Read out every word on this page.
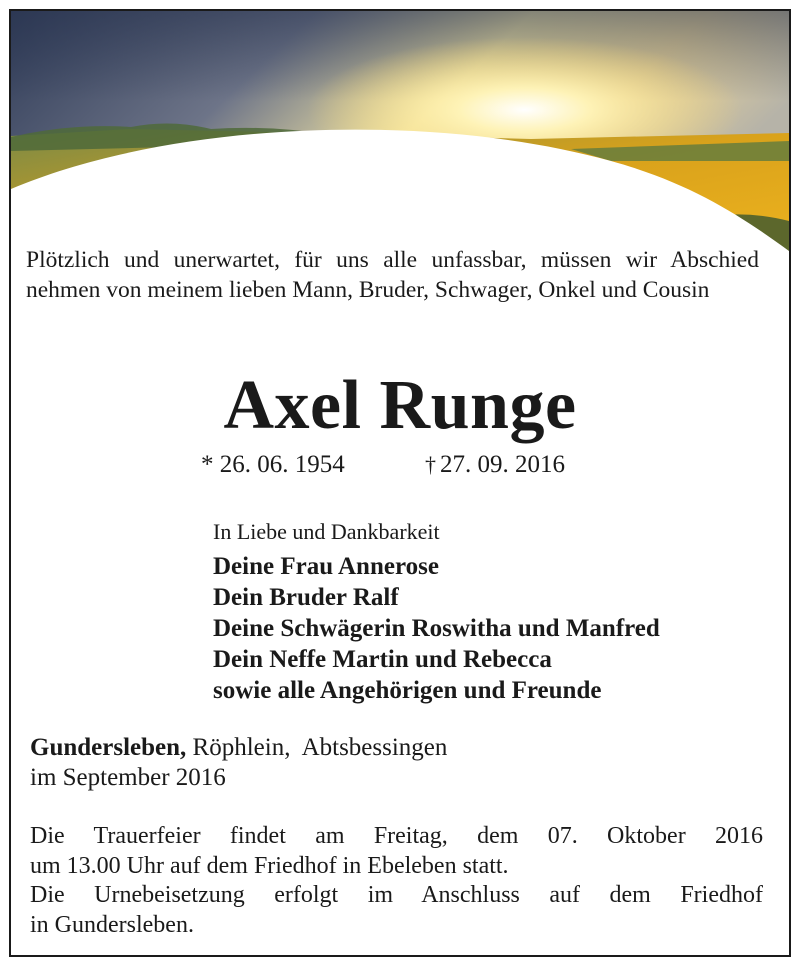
Plötzlich und unerwartet, für uns alle unfassbar, müssen wir Abschied nehmen von meinem lieben Mann, Bruder, Schwager, Onkel und Cousin

Axel Runge
* 26. 06. 1954	† 27. 09. 2016
In Liebe und Dankbarkeit
Deine Frau Annerose
Dein Bruder Ralf
Deine Schwägerin Roswitha und Manfred
Dein Neffe Martin und Rebecca
sowie alle Angehörigen und Freunde
Gundersleben, Röphlein,  Abtsbessingen
im September 2016

Die Trauerfeier findet am Freitag, dem 07. Oktober 2016
um 13.00 Uhr auf dem Friedhof in Ebeleben statt.
Die Urnebeisetzung erfolgt im Anschluss auf dem Friedhof
in Gundersleben.
